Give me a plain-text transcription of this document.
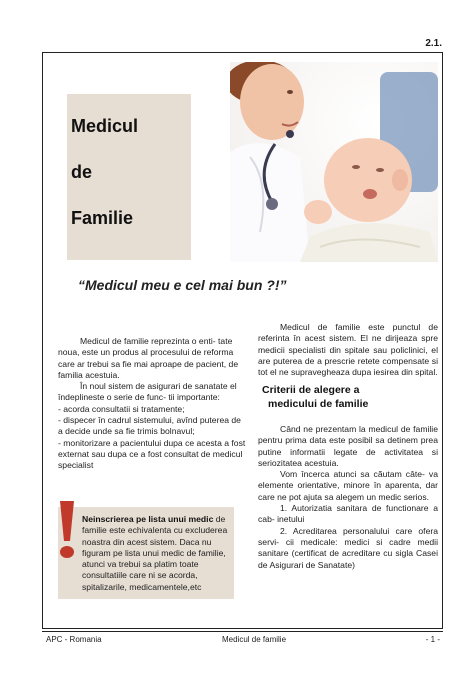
2.1.
Medicul
de
Familie
“Medicul meu e cel mai bun ?!”

Medicul de familie reprezinta o enti- tate noua, este un produs al procesului de reforma care ar trebui sa fie mai aproape de pacient, de familia acestuia.

În noul sistem de asigurari de sanatate el îndeplineste o serie de func- tii importante:

- acorda consultatii si tratamente;

- dispecer în cadrul sistemului, avînd puterea de a decide unde sa fie trimis bolnavul;

- monitorizare a pacientului dupa ce acesta a fost externat sau dupa ce a fost consultat de medicul specialist

Neinscrierea pe lista unui medic de familie este echivalenta cu excluderea noastra din acest sistem. Daca nu figuram pe lista unui medic de familie, atunci va trebui sa platim toate consultatiile care ni se acorda, spitalizarile, medicamentele,etc

Medicul de familie este punctul de referinta în acest sistem. El ne dirijeaza spre medicii specialisti din spitale sau policlinici, el are puterea de a prescrie retete compensate si tot el ne supravegheaza dupa iesirea din spital.

Criterii de alegere a
medicului de familie

Când ne prezentam la medicul de familie pentru prima data este posibil sa detinem prea putine informatii legate de activitatea si seriozitatea acestuia.

Vom încerca atunci sa cãutam câte- va elemente orientative, minore în aparenta, dar care ne pot ajuta sa alegem un medic serios.

1. Autorizatia sanitara de functionare a cab- inetului

2. Acreditarea personalului care ofera servi- cii medicale: medici si cadre medii sanitare (certificat de acreditare cu sigla Casei de Asigurari de Sanatate)

APC - Romania	Medicul de familie	- 1 -
